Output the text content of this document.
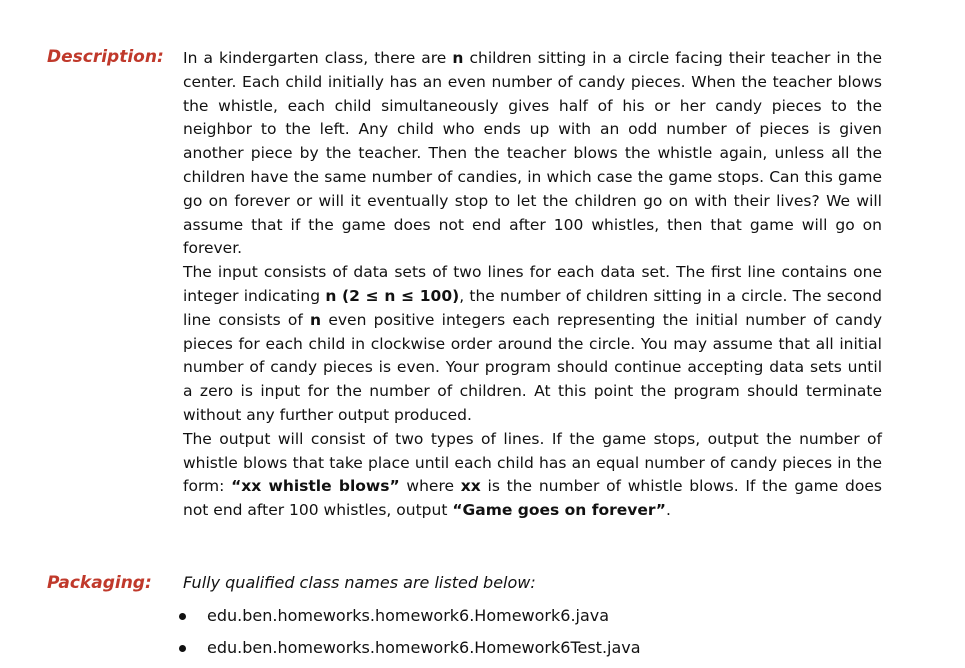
Description: In a kindergarten class, there are n children sitting in a circle facing their teacher in the center. Each child initially has an even number of candy pieces. When the teacher blows the whistle, each child simultaneously gives half of his or her candy pieces to the neighbor to the left. Any child who ends up with an odd number of pieces is given another piece by the teacher. Then the teacher blows the whistle again, unless all the children have the same number of candies, in which case the game stops. Can this game go on forever or will it eventually stop to let the children go on with their lives? We will assume that if the game does not end after 100 whistles, then that game will go on forever.

The input consists of data sets of two lines for each data set. The first line contains one integer indicating n (2 ≤ n ≤ 100), the number of children sitting in a circle. The second line consists of n even positive integers each representing the initial number of candy pieces for each child in clockwise order around the circle. You may assume that all initial number of candy pieces is even. Your program should continue accepting data sets until a zero is input for the number of children. At this point the program should terminate without any further output produced.

The output will consist of two types of lines. If the game stops, output the number of whistle blows that take place until each child has an equal number of candy pieces in the form: “xx whistle blows” where xx is the number of whistle blows. If the game does not end after 100 whistles, output “Game goes on forever”.

Packaging: Fully qualified class names are listed below:
edu.ben.homeworks.homework6.Homework6.java
edu.ben.homeworks.homework6.Homework6Test.java
